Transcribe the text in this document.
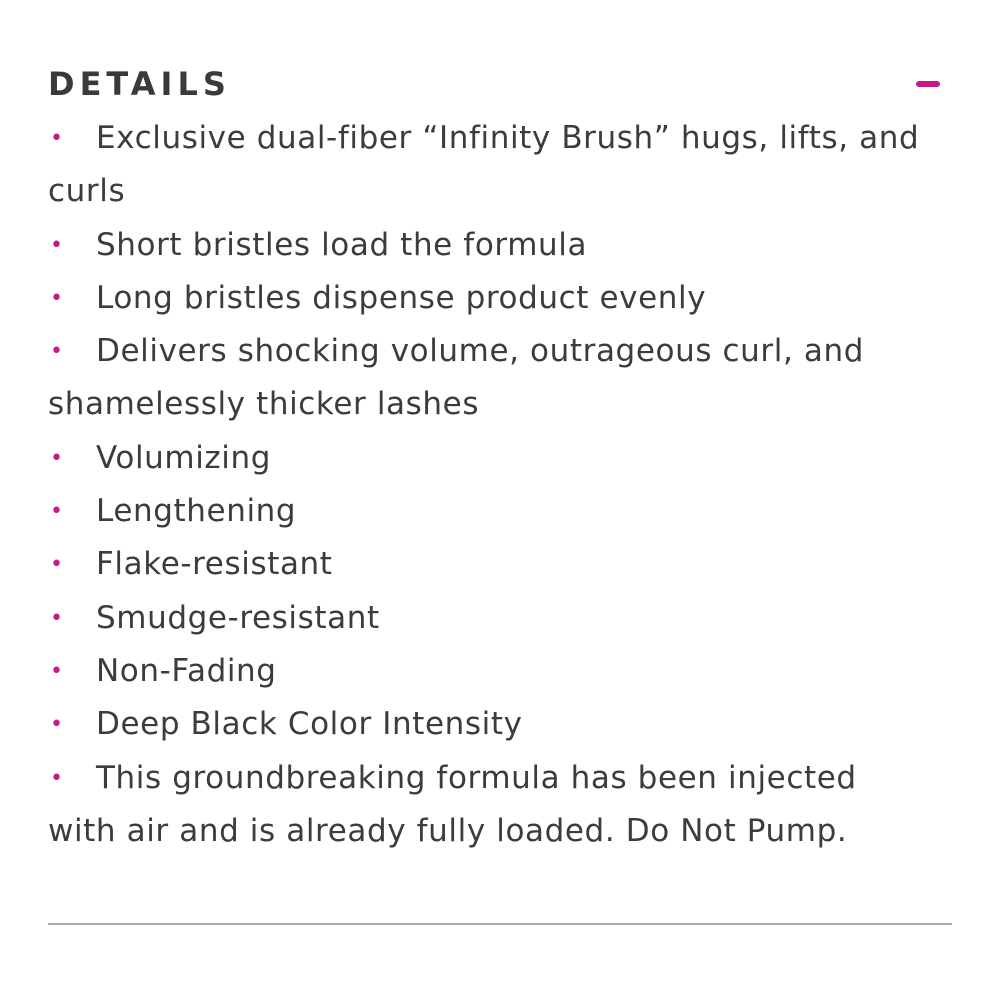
DETAILS
• Exclusive dual-fiber “Infinity Brush” hugs, lifts, and curls
• Short bristles load the formula
• Long bristles dispense product evenly
• Delivers shocking volume, outrageous curl, and shamelessly thicker lashes
• Volumizing
• Lengthening
• Flake-resistant
• Smudge-resistant
• Non-Fading
• Deep Black Color Intensity
• This groundbreaking formula has been injected with air and is already fully loaded. Do Not Pump.
